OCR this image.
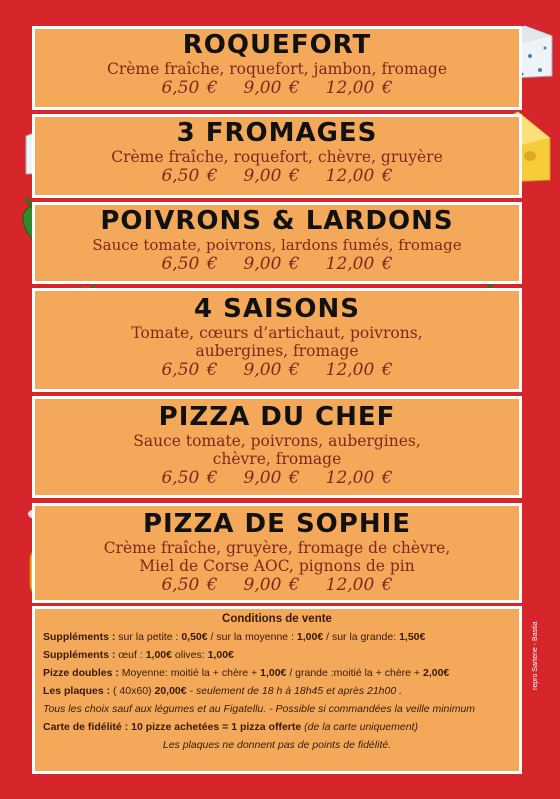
ROQUEFORT
Crème fraîche, roquefort, jambon, fromage
6,50 € 9,00 € 12,00 €
3 FROMAGES
Crème fraîche, roquefort, chèvre, gruyère
6,50 € 9,00 € 12,00 €
POIVRONS & LARDONS
Sauce tomate, poivrons, lardons fumés, fromage
6,50 € 9,00 € 12,00 €
4 SAISONS
Tomate, cœurs d’artichaut, poivrons,
aubergines, fromage
6,50 € 9,00 € 12,00 €
PIZZA DU CHEF
Sauce tomate, poivrons, aubergines,
chèvre, fromage
6,50 € 9,00 € 12,00 €
PIZZA DE SOPHIE
Crème fraîche, gruyère, fromage de chèvre,
Miel de Corse AOC, pignons de pin
6,50 € 9,00 € 12,00 €
Conditions de vente
Suppléments : sur la petite : 0,50€ / sur la moyenne : 1,00€ / sur la grande: 1,50€
Suppléments : œuf : 1,00€ olives: 1,00€
Pizze doubles : Moyenne: moitié la + chère + 1,00€ / grande :moitié la + chère + 2,00€
Les plaques : ( 40x60) 20,00€ - seulement de 18 h à 18h45 et après 21h00 .
Tous les choix sauf aux légumes et au Figatellu. - Possible si commandées la veille minimum
Carte de fidélité : 10 pizze achetées = 1 pizza offerte (de la carte uniquement)
Les plaques ne donnent pas de points de fidélité.
repro Sartene - Bastia
